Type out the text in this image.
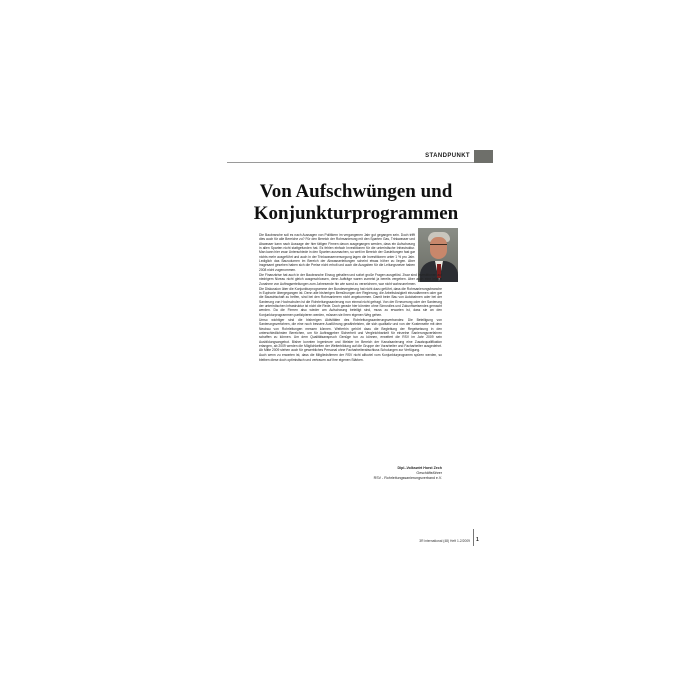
STANDPUNKT
Von Aufschwüngen und
Konjunkturprogrammen

Die Baubranche soll es nach Aussagen von Politikern im vergangenen Jahr gut gegangen sein. Doch trifft dies auch für alle Bereiche zu? Für den Bereich der Rohrsanierung mit den Sparten Gas, Trinkwasser und Abwasser kann nach Aussage der hier tätigen Firmen davon ausgegangen werden, dass ein Aufschwung in allen Sparten nicht stattgefunden hat. Es fehlen einfach Investitionen für die unterirdische Infrastruktur. Man kann hier zwar Unterschiede in den Sparten ausmachen, so weit im Bereich der Gasleitungen fast gar nichts mehr ausgeführt und auch in der Trinkwasserversorgung lagen die Investitionen unter 1 % pro Jahr. Lediglich das Bauvolumen im Bereich der Abwasserleitungen scheint etwas höher zu liegen. Aber insgesamt gesehen haben sich die Preise nicht erholt und auch die Ausgaben für die Leitungsnetze haben 2008 nicht zugenommen.

Die Finanzkrise hat auch in der Baubranche Einzug gehalten und sofort große Fragen ausgelöst. Zwar sind Investitionen auf niedrigem Niveau nicht gleich ausgeschlossen, denn Aufträge waren zumeist ja bereits vergeben. Aber auch eine leichte Zunahme von Auftragserteilungen zum Jahresende hin wie sonst zu verzeichnen, war nicht wahrzunehmen.

Die Diskussion über die Konjunkturprogramme der Bundesregierung hat nicht dazu geführt, dass die Rohrsanierungsbranche in Euphorie übergegangen ist. Denn alle bisherigen Bemühungen der Regierung, die Arbeitslosigkeit einzudämmen oder gar die Bauwirtschaft zu helfen, sind bei den Rohrsanierern nicht angekommen. Damit beim Bau von Autobahnen oder bei der Sanierung von Hochschulen ist die Rohrleitungssanierung nun einmal nicht gefragt. Von der Erneuerung oder der Sanierung der unterirdischen Infrastruktur ist nicht die Rede. Doch gerade hier könnten ohne Sinnvolles und Zukunftweisendes gemacht werden. Da die Firmen also wieder am Aufschwung beteiligt sind, muss zu erwarten ist, dass sie an den Konjunkturprogrammen partizipieren werden, müssen sie ihren eigenen Weg gehen.

Umso wichtiger sind die bisherigen Aktivitäten des Rohrleitungssanierungsverbandes: Die Beteiligung von Sanierungsverfahren, die eine noch bessere Ausführung gewährleisten, die sich qualitativ und von der Kostenseite mit dem Neubau von Rohrleitungen messen können. Weiterhin gehört dazu die Begleitung der Regelsetzung in den unterschiedlichsten Bereichen, um für Auftraggeber Sicherheit und Vergleichbarkeit für einzelne Sanierungsverfahren schaffen zu können. Um dem Qualitätsanspruch Genüge tun zu können, erweitert die RSV im Jahr 2009 sein Ausbildungsangebot. Bisher konnten Ingenieure und Meister im Bereich der Kanalsanierung eine Zusatzqualifikation erlangen, ab 2009 werden die Möglichkeiten der Weiterbildung auf die Gruppe der Vorarbeiter und Facharbeiter ausgedehnt. Ab Mitte 2009 stehen auch für gewerbliches Personal ohne Facharbeiterabschluss Schulungen zur Verfügung.

Auch wenn zu erwarten ist, dass die Mitgliedsfirmen der RSV nicht alltoviel vom Konjunkturprogramm spüren werden, so bleiben diese doch optimistisch und vertrauen auf ihre eigenen Stärken.

Dipl.-Volkswirt Horst Zech
Geschäftsführer
RSV - Rohrleitungssanierungsverband e.V.
3R international (48) Heft 1-2/2009 1
